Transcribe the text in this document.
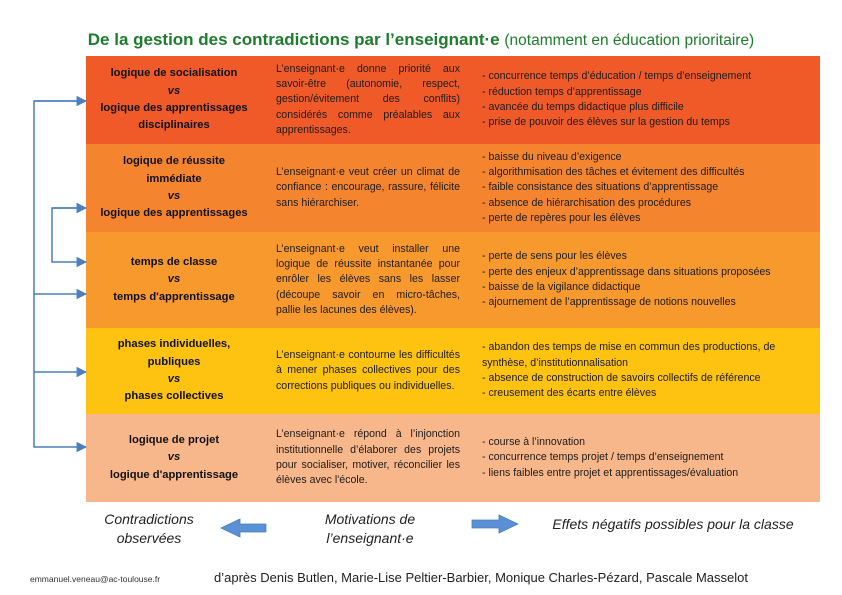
De la gestion des contradictions par l’enseignant·e (notamment en éducation prioritaire)
logique de socialisation
vs
logique des apprentissages
disciplinaires
L’enseignant·e donne priorité aux savoir-être (autonomie, respect, gestion/évitement des conflits) considérés comme préalables aux apprentissages.
- concurrence temps d’éducation / temps d’enseignement
- réduction temps d’apprentissage
- avancée du temps didactique plus difficile
- prise de pouvoir des élèves sur la gestion du temps
logique de réussite
immédiate
vs
logique des apprentissages
L’enseignant·e veut créer un climat de confiance : encourage, rassure, félicite sans hiérarchiser.
- baisse du niveau d’exigence
- algorithmisation des tâches et évitement des difficultés
- faible consistance des situations d’apprentissage
- absence de hiérarchisation des procédures
- perte de repères pour les élèves
temps de classe
vs
temps d'apprentissage
L’enseignant·e veut installer une logique de réussite instantanée pour enrôler les élèves sans les lasser (découpe savoir en micro-tâches, pallie les lacunes des élèves).
- perte de sens pour les élèves
- perte des enjeux d’apprentissage dans situations proposées
- baisse de la vigilance didactique
- ajournement de l’apprentissage de notions nouvelles
phases individuelles,
publiques
vs
phases collectives
L’enseignant·e contourne les difficultés à mener phases collectives pour des corrections publiques ou individuelles.
- abandon des temps de mise en commun des productions, de synthèse, d’institutionnalisation
- absence de construction de savoirs collectifs de référence
- creusement des écarts entre élèves
logique de projet
vs
logique d'apprentissage
L’enseignant·e répond à l’injonction institutionnelle d’élaborer des projets pour socialiser, motiver, réconcilier les élèves avec l'école.
- course à l’innovation
- concurrence temps projet / temps d’enseignement
- liens faibles entre projet et apprentissages/évaluation
Contradictions
observées
Motivations de
l’enseignant·e
Effets négatifs possibles pour la classe
emmanuel.veneau@ac-toulouse.fr	d’après Denis Butlen, Marie-Lise Peltier-Barbier, Monique Charles-Pézard, Pascale Masselot
